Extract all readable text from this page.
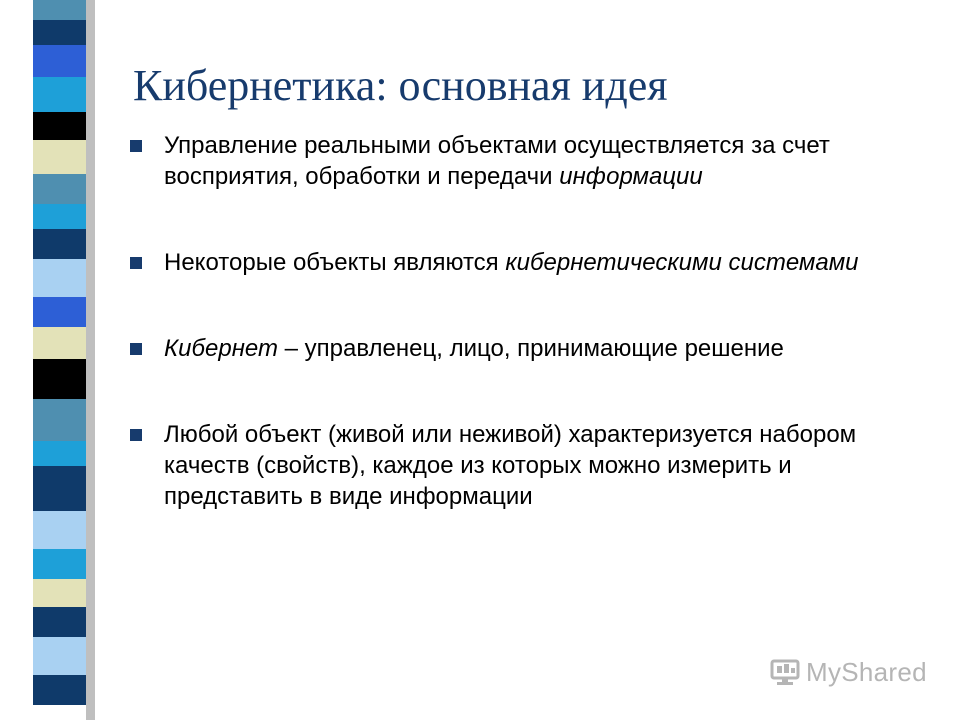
Кибернетика: основная идея
Управление реальными объектами осуществляется за счет восприятия, обработки и передачи информации
Некоторые объекты являются кибернетическими системами
Кибернет – управленец, лицо, принимающие решение
Любой объект (живой или неживой) характеризуется набором качеств (свойств), каждое из которых можно измерить и представить в виде информации
MyShared
